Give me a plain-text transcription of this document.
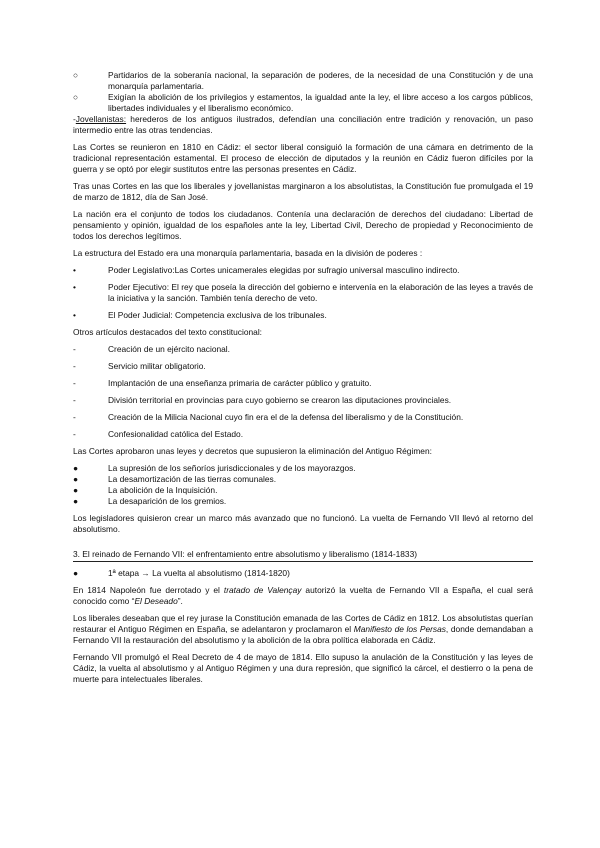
○	Partidarios de la soberanía nacional, la separación de poderes, de la necesidad de una Constitución y de una monarquía parlamentaria.
○	Exigían la abolición de los privilegios y estamentos, la igualdad ante la ley, el libre acceso a los cargos públicos, libertades individuales y el liberalismo económico.

-Jovellanistas: herederos de los antiguos ilustrados, defendían una conciliación entre tradición y renovación, un paso intermedio entre las otras tendencias.

Las Cortes se reunieron en 1810 en Cádiz: el sector liberal consiguió la formación de una cámara en detrimento de la tradicional representación estamental. El proceso de elección de diputados y la reunión en Cádiz fueron difíciles por la guerra y se optó por elegir sustitutos entre las personas presentes en Cádiz.

Tras unas Cortes en las que los liberales y jovellanistas marginaron a los absolutistas, la Constitución fue promulgada el 19 de marzo de 1812, día de San José.

La nación era el conjunto de todos los ciudadanos. Contenía una declaración de derechos del ciudadano: Libertad de pensamiento y opinión, igualdad de los españoles ante la ley, Libertad Civil, Derecho de propiedad y Reconocimiento de todos los derechos legítimos.

La estructura del Estado era una monarquía parlamentaria, basada en la división de poderes :

•	Poder Legislativo:Las Cortes unicamerales elegidas por sufragio universal masculino indirecto.
•	Poder Ejecutivo: El rey que poseía la dirección del gobierno e intervenía en la elaboración de las leyes a través de la iniciativa y la sanción. También tenía derecho de veto.
•	El Poder Judicial: Competencia exclusiva de los tribunales.

Otros artículos destacados del texto constitucional:

-	Creación de un ejército nacional.
-	Servicio militar obligatorio.
-	Implantación de una enseñanza primaria de carácter público y gratuito.
-	División territorial en provincias para cuyo gobierno se crearon las diputaciones provinciales.
-	Creación de la Milicia Nacional cuyo fin era el de la defensa del liberalismo y de la Constitución.
-	Confesionalidad católica del Estado.

Las Cortes aprobaron unas leyes y decretos que supusieron la eliminación del Antiguo Régimen:

●	La supresión de los señoríos jurisdiccionales y de los mayorazgos.
●	La desamortización de las tierras comunales.
●	La abolición de la Inquisición.
●	La desaparición de los gremios.

Los legisladores quisieron crear un marco más avanzado que no funcionó. La vuelta de Fernando VII llevó al retorno del absolutismo.

3. El reinado de Fernando VII: el enfrentamiento entre absolutismo y liberalismo (1814-1833)
●	1ª etapa → La vuelta al absolutismo (1814-1820)

En 1814 Napoleón fue derrotado y el tratado de Valençay autorizó la vuelta de Fernando VII a España, el cual será conocido como “El Deseado”.

Los liberales deseaban que el rey jurase la Constitución emanada de las Cortes de Cádiz en 1812. Los absolutistas querían restaurar el Antiguo Régimen en España, se adelantaron y proclamaron el Manifiesto de los Persas, donde demandaban a Fernando VII la restauración del absolutismo y la abolición de la obra política elaborada en Cádiz.

Fernando VII promulgó el Real Decreto de 4 de mayo de 1814. Ello supuso la anulación de la Constitución y las leyes de Cádiz, la vuelta al absolutismo y al Antiguo Régimen y una dura represión, que significó la cárcel, el destierro o la pena de muerte para intelectuales liberales.
